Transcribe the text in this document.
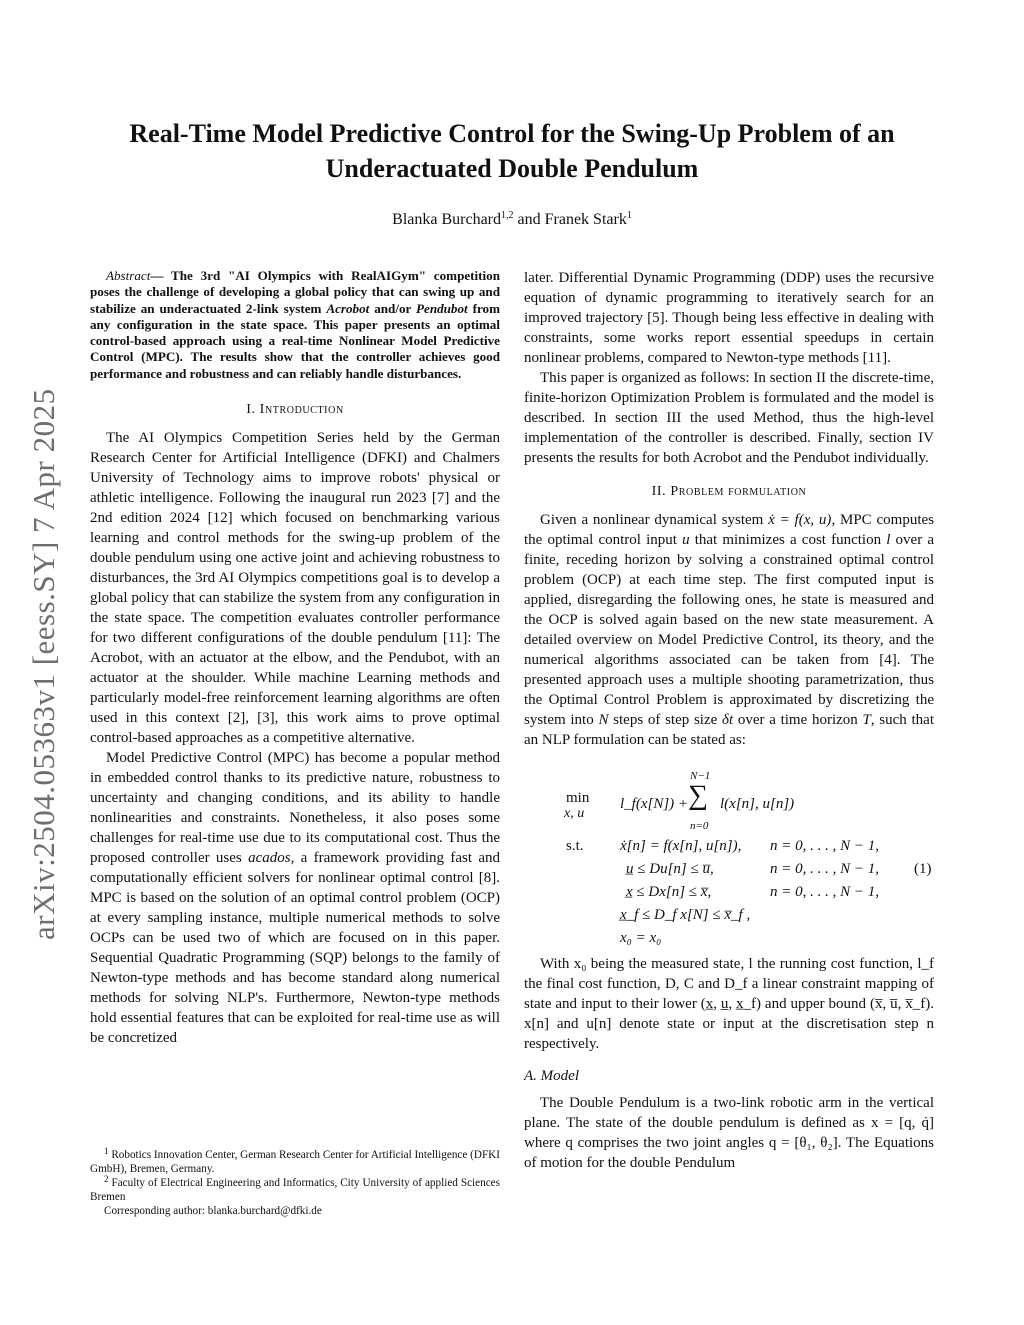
arXiv:2504.05363v1 [eess.SY] 7 Apr 2025
Real-Time Model Predictive Control for the Swing-Up Problem of an
Underactuated Double Pendulum
Blanka Burchard$^{1,2}$ and Franek Stark$^1$

Abstract— The 3rd "AI Olympics with RealAIGym" competition poses the challenge of developing a global policy that can swing up and stabilize an underactuated 2-link system Acrobot and/or Pendubot from any configuration in the state space. This paper presents an optimal control-based approach using a real-time Nonlinear Model Predictive Control (MPC). The results show that the controller achieves good performance and robustness and can reliably handle disturbances.

I. Introduction

The AI Olympics Competition Series held by the German Research Center for Artificial Intelligence (DFKI) and Chalmers University of Technology aims to improve robots' physical or athletic intelligence. Following the inaugural run 2023 [7] and the 2nd edition 2024 [12] which focused on benchmarking various learning and control methods for the swing-up problem of the double pendulum using one active joint and achieving robustness to disturbances, the 3rd AI Olympics competitions goal is to develop a global policy that can stabilize the system from any configuration in the state space. The competition evaluates controller performance for two different configurations of the double pendulum [11]: The Acrobot, with an actuator at the elbow, and the Pendubot, with an actuator at the shoulder. While machine Learning methods and particularly model-free reinforcement learning algorithms are often used in this context [2], [3], this work aims to prove optimal control-based approaches as a competitive alternative.

Model Predictive Control (MPC) has become a popular method in embedded control thanks to its predictive nature, robustness to uncertainty and changing conditions, and its ability to handle nonlinearities and constraints. Nonetheless, it also poses some challenges for real-time use due to its computational cost. Thus the proposed controller uses acados, a framework providing fast and computationally efficient solvers for nonlinear optimal control [8]. MPC is based on the solution of an optimal control problem (OCP) at every sampling instance, multiple numerical methods to solve OCPs can be used two of which are focused on in this paper. Sequential Quadratic Programming (SQP) belongs to the family of Newton-type methods and has become standard along numerical methods for solving NLP's. Furthermore, Newton-type methods hold essential features that can be exploited for real-time use as will be concretized

later. Differential Dynamic Programming (DDP) uses the recursive equation of dynamic programming to iteratively search for an improved trajectory [5]. Though being less effective in dealing with constraints, some works report essential speedups in certain nonlinear problems, compared to Newton-type methods [11].

This paper is organized as follows: In section II the discrete-time, finite-horizon Optimization Problem is formulated and the model is described. In section III the used Method, thus the high-level implementation of the controller is described. Finally, section IV presents the results for both Acrobot and the Pendubot individually.

II. Problem formulation

Given a nonlinear dynamical system ẋ = f(x, u), MPC computes the optimal control input u that minimizes a cost function l over a finite, receding horizon by solving a constrained optimal control problem (OCP) at each time step. The first computed input is applied, disregarding the following ones, he state is measured and the OCP is solved again based on the new state measurement. A detailed overview on Model Predictive Control, its theory, and the numerical algorithms associated can be taken from [4]. The presented approach uses a multiple shooting parametrization, thus the Optimal Control Problem is approximated by discretizing the system into N steps of step size δt over a time horizon T, such that an NLP formulation can be stated as:

min
x, u
l_f(x[N]) +
N−1
∑
n=0
l(x[n], u[n])
s.t. ẋ[n] = f(x[n], u[n]), n = 0, . . . , N − 1,
u̲ ≤ Du[n] ≤ u̅,	n = 0, . . . , N − 1, (1)
x̲ ≤ Dx[n] ≤ x̅,	n = 0, . . . , N − 1,
x̲_f ≤ D_f x[N] ≤ x̅_f ,
x₀ = x₀

With x₀ being the measured state, l the running cost function, l_f the final cost function, D, C and D_f a linear constraint mapping of state and input to their lower (x̲, u̲, x̲_f) and upper bound (x̅, u̅, x̅_f). x[n] and u[n] denote state or input at the discretisation step n respectively.

A. Model

The Double Pendulum is a two-link robotic arm in the vertical plane. The state of the double pendulum is defined as x = [q, q̇] where q comprises the two joint angles q = [θ₁, θ₂]. The Equations of motion for the double Pendulum

$^1$ Robotics Innovation Center, German Research Center for Artificial Intelligence (DFKI GmbH), Bremen, Germany.

$^2$ Faculty of Electrical Engineering and Informatics, City University of applied Sciences Bremen

Corresponding author: blanka.burchard@dfki.de
